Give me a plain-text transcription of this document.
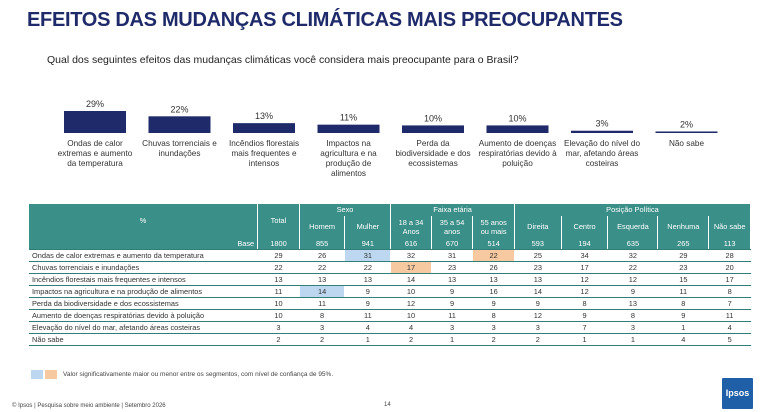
EFEITOS DAS MUDANÇAS CLIMÁTICAS MAIS PREOCUPANTES
Qual dos seguintes efeitos das mudanças climáticas você considera mais preocupante para o Brasil?
29%
Ondas de calor extremas e aumento da temperatura
22%
Chuvas torrenciais e inundações
13%
Incêndios florestais mais frequentes e intensos
11%
Impactos na agricultura e na produção de alimentos
10%
Perda da biodiversidade e dos ecossistemas
10%
Aumento de doenças respiratórias devido à poluição
3%
Elevação do nível do mar, afetando áreas costeiras
2%
Não sabe
%	Total	Sexo		Faixa etária			Posição Política				
		Homem	Mulher	18 a 34 Anos	35 a 54 anos	55 anos ou mais	Direita	Centro	Esquerda	Nenhuma	Não sabe
Base	1800	855	941	616	670	514	593	194	635	265	113
Ondas de calor extremas e aumento da temperatura	29	26	31	32	31	22	25	34	32	29	28
Chuvas torrenciais e inundações	22	22	22	17	23	26	23	17	22	23	20
Incêndios florestais mais frequentes e intensos	13	13	13	14	13	13	13	12	12	15	17
Impactos na agricultura e na produção de alimentos	11	14	9	10	9	16	14	12	9	11	8
Perda da biodiversidade e dos ecossistemas	10	11	9	12	9	9	9	8	13	8	7
Aumento de doenças respiratórias devido à poluição	10	8	11	10	11	8	12	9	8	9	11
Elevação do nível do mar, afetando áreas costeiras	3	3	4	4	3	3	3	7	3	1	4
Não sabe	2	2	1	2	1	2	2	1	1	4	5
Valor significativamente maior ou menor entre os segmentos, com nível de confiança de 95%.
© Ipsos | Pesquisa sobre meio ambiente | Setembro 2026	14
Ipsos
